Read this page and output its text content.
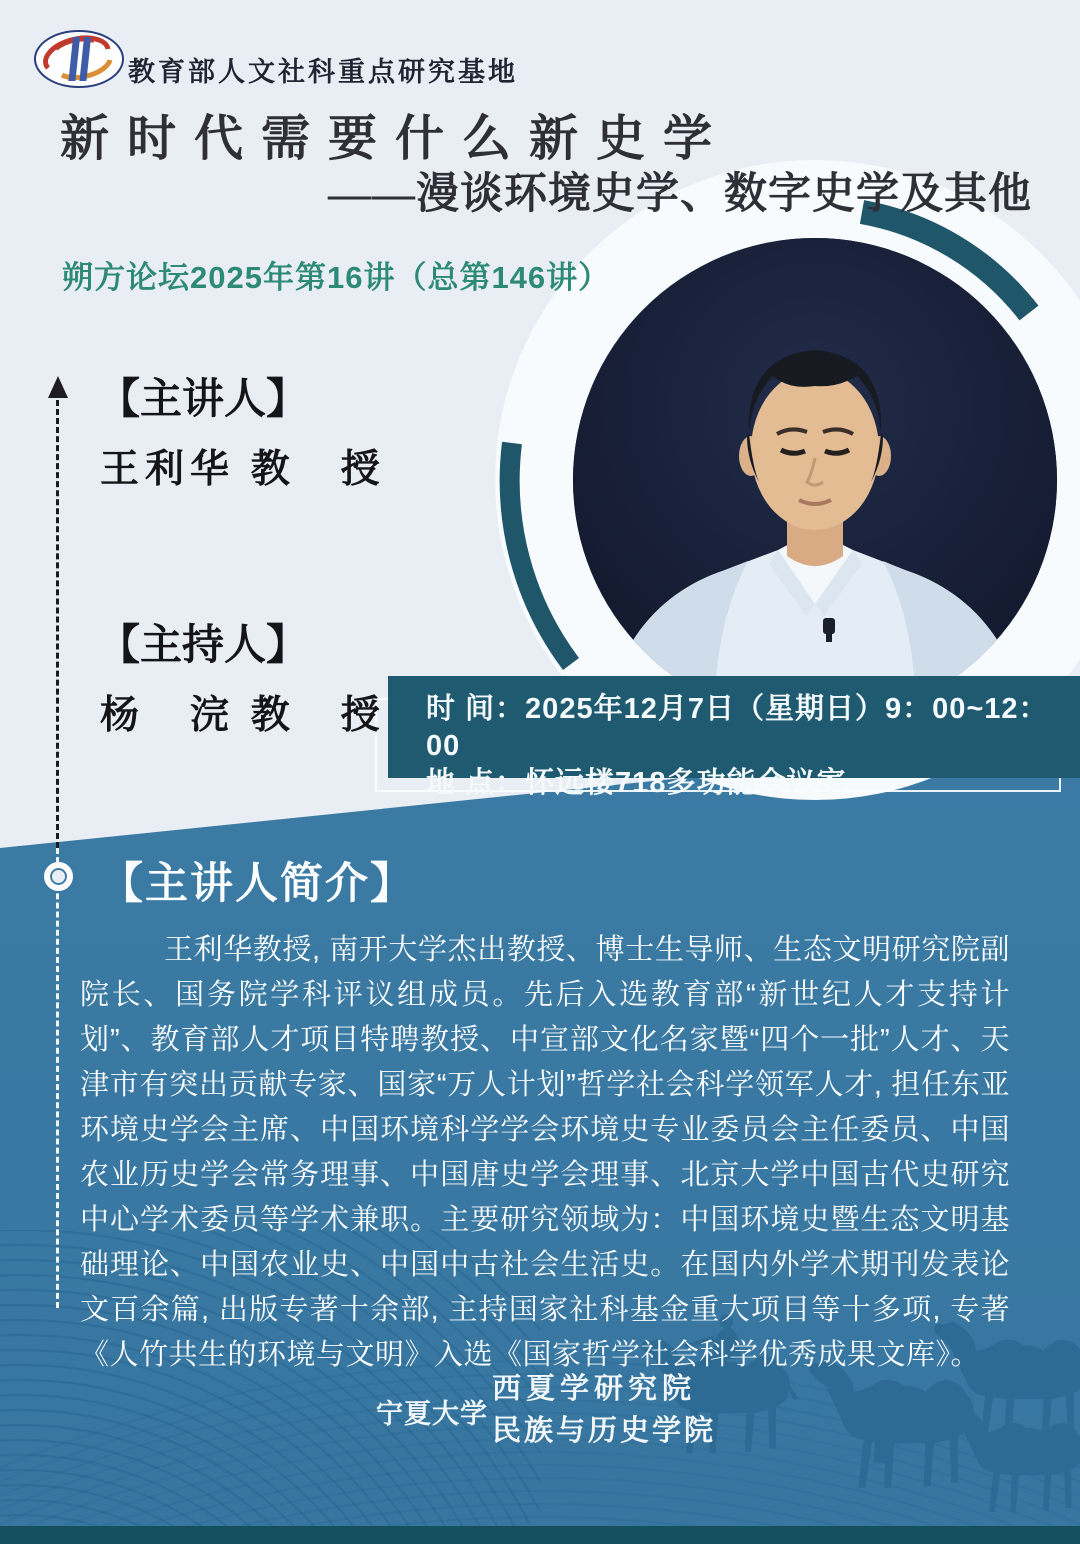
时 间：2025年12月7日（星期日）9：00~12：00
地 点：怀远楼718多功能会议室
教育部人文社科重点研究基地
新时代需要什么新史学
——漫谈环境史学、数字史学及其他
朔方论坛2025年第16讲（总第146讲）
【主讲人】
王利华 教　授
【主持人】
杨　浣 教　授
【主讲人简介】
王利华教授, 南开大学杰出教授、博士生导师、生态文明研究院副院长、国务院学科评议组成员。先后入选教育部“新世纪人才支持计划”、教育部人才项目特聘教授、中宣部文化名家暨“四个一批”人才、天津市有突出贡献专家、国家“万人计划”哲学社会科学领军人才, 担任东亚环境史学会主席、中国环境科学学会环境史专业委员会主任委员、中国农业历史学会常务理事、中国唐史学会理事、北京大学中国古代史研究中心学术委员等学术兼职。主要研究领域为：中国环境史暨生态文明基础理论、中国农业史、中国中古社会生活史。在国内外学术期刊发表论文百余篇, 出版专著十余部, 主持国家社科基金重大项目等十多项, 专著《人竹共生的环境与文明》入选《国家哲学社会科学优秀成果文库》。
宁夏大学
西夏学研究院
民族与历史学院
